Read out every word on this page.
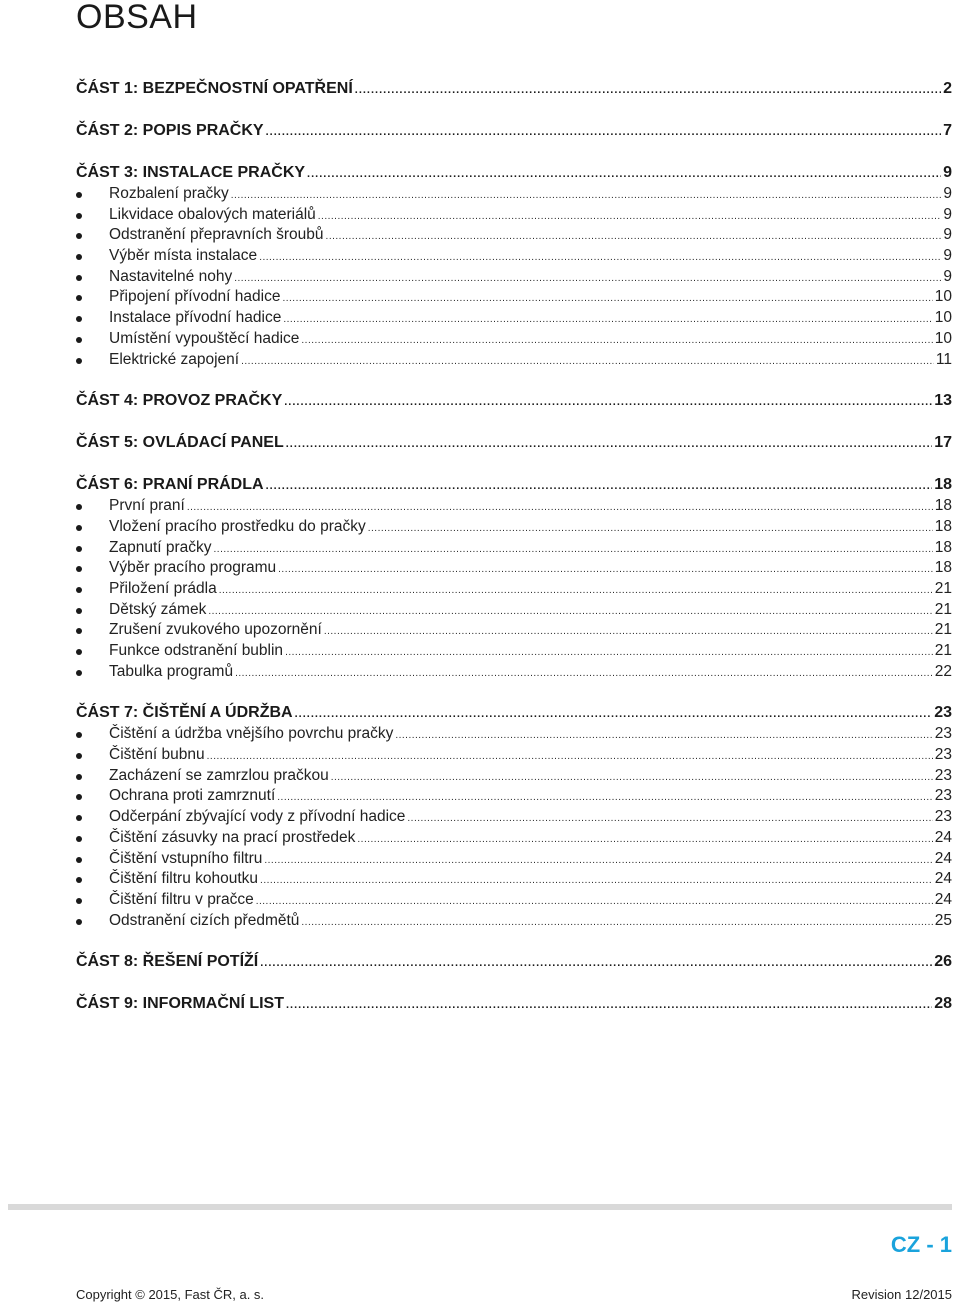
OBSAH
ČÁST 1: BEZPEČNOSTNÍ OPATŘENÍ .....	2
ČÁST 2: POPIS PRAČKY .....	7
ČÁST 3: INSTALACE PRAČKY .....	9
Rozbalení pračky .....	9
Likvidace obalových materiálů .....	9
Odstranění přepravních šroubů .....	9
Výběr místa instalace .....	9
Nastavitelné nohy .....	9
Připojení přívodní hadice .....	10
Instalace přívodní hadice .....	10
Umístění vypouštěcí hadice .....	10
Elektrické zapojení .....	11
ČÁST 4: PROVOZ PRAČKY .....	13
ČÁST 5: OVLÁDACÍ PANEL .....	17
ČÁST 6: PRANÍ PRÁDLA .....	18
První praní .....	18
Vložení pracího prostředku do pračky .....	18
Zapnutí pračky .....	18
Výběr pracího programu .....	18
Přiložení prádla .....	21
Dětský zámek .....	21
Zrušení zvukového upozornění .....	21
Funkce odstranění bublin .....	21
Tabulka programů .....	22
ČÁST 7: ČIŠTĚNÍ A ÚDRŽBA .....	23
Čištění a údržba vnějšího povrchu pračky .....	23
Čištění bubnu .....	23
Zacházení se zamrzlou pračkou .....	23
Ochrana proti zamrznutí .....	23
Odčerpání zbývající vody z přívodní hadice .....	23
Čištění zásuvky na prací prostředek .....	24
Čištění vstupního filtru .....	24
Čištění filtru kohoutku .....	24
Čištění filtru v pračce .....	24
Odstranění cizích předmětů .....	25
ČÁST 8: ŘEŠENÍ POTÍŽÍ .....	26
ČÁST 9: INFORMAČNÍ LIST .....	28
CZ - 1
Copyright © 2015, Fast ČR, a. s.	Revision 12/2015
